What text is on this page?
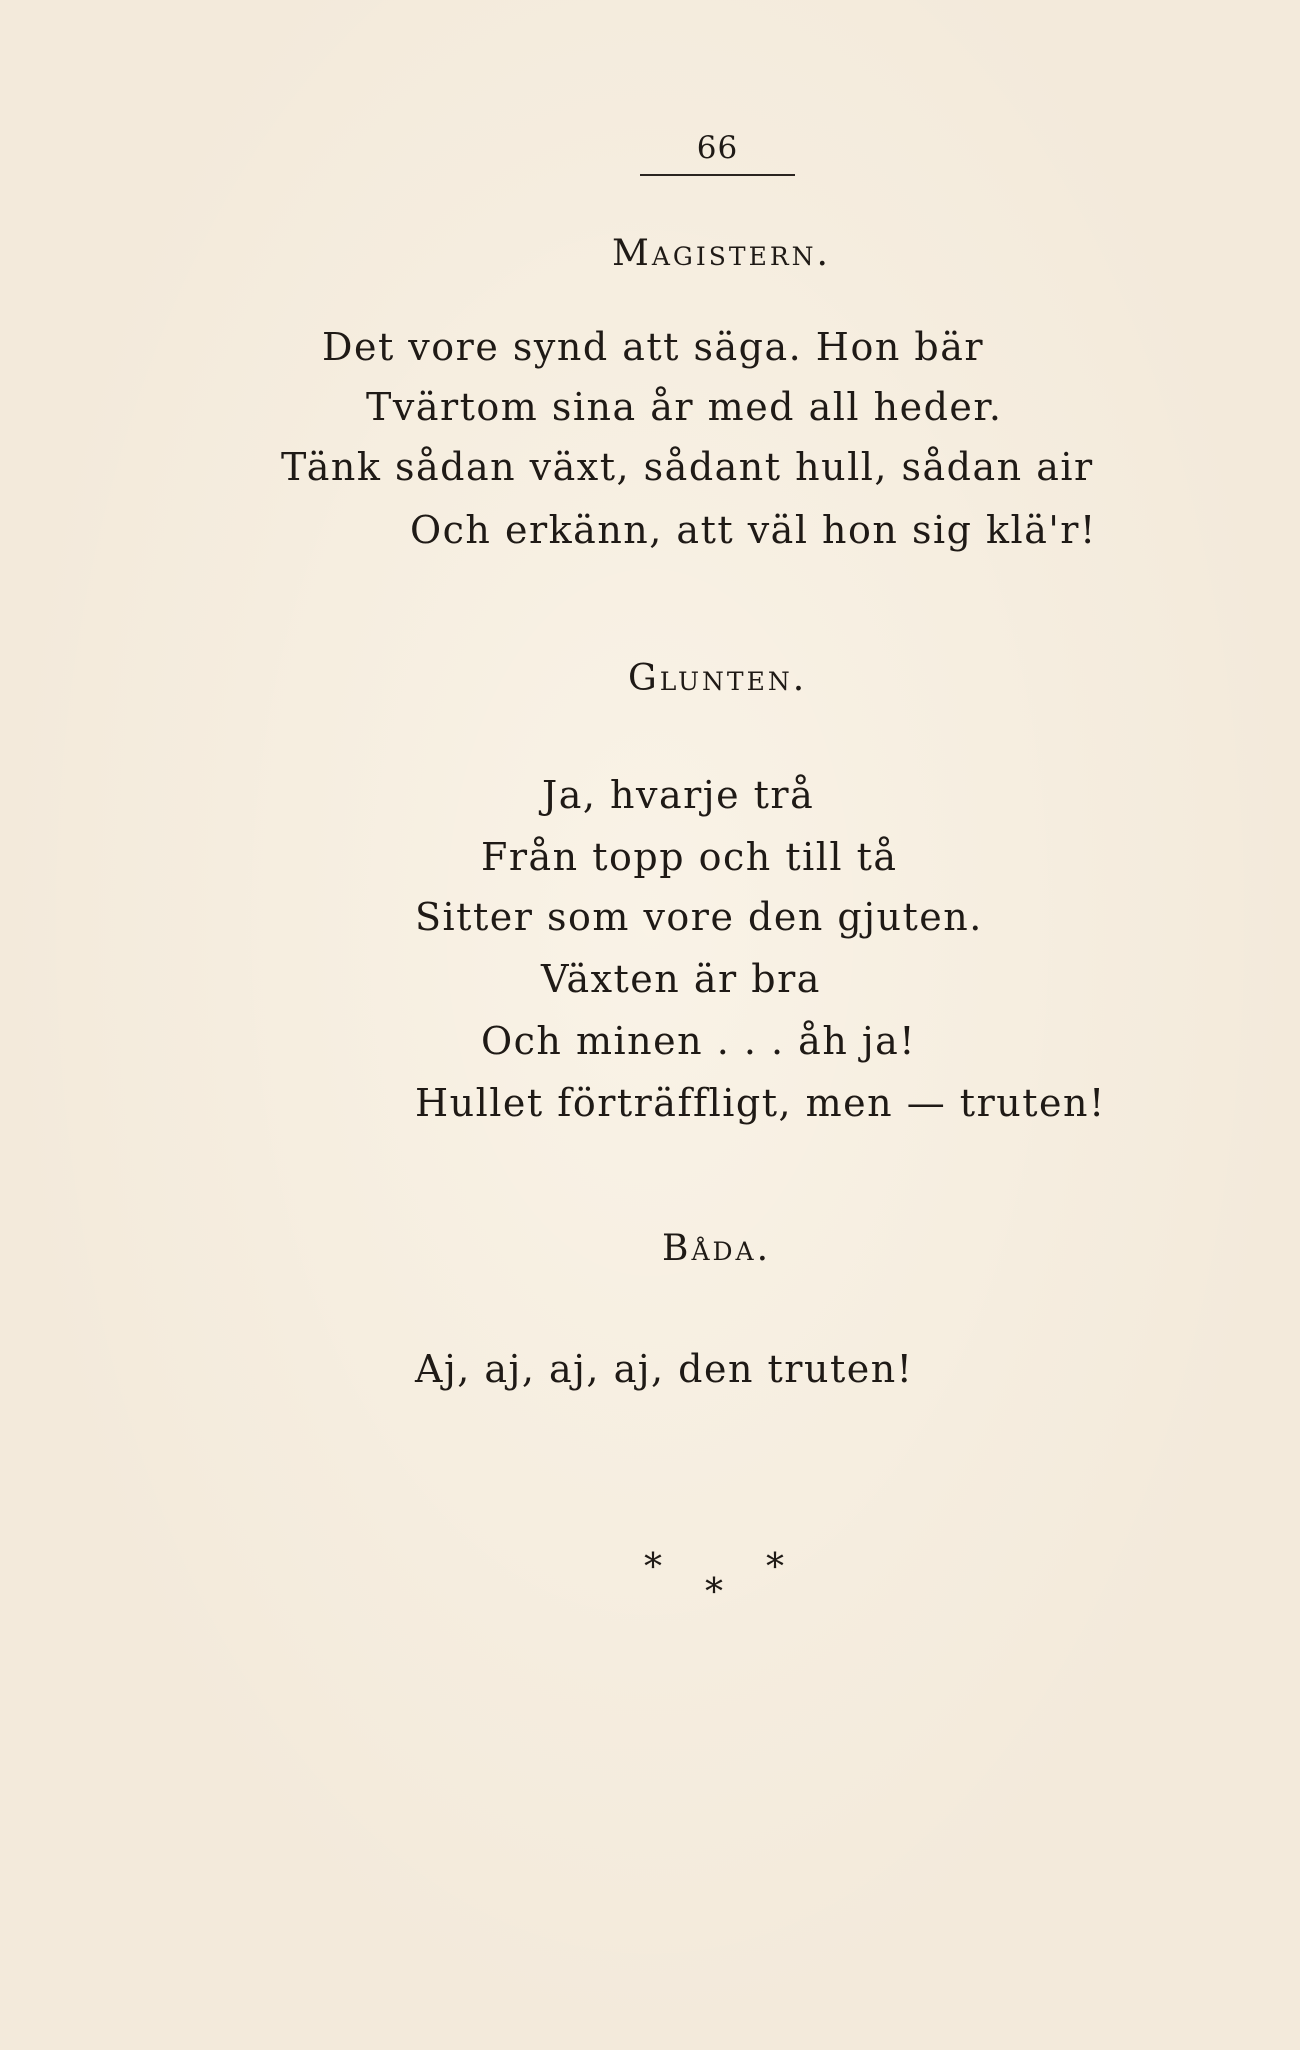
66
Magistern.
Det vore synd att säga. Hon bär
Tvärtom sina år med all heder.
Tänk sådan växt, sådant hull, sådan air
Och erkänn, att väl hon sig klä'r!
Glunten.
Ja, hvarje trå
Från topp och till tå
Sitter som vore den gjuten.
Växten är bra
Och minen . . . åh ja!
Hullet förträffligt, men — truten!
Båda.
Aj, aj, aj, aj, den truten!
*	*
*
